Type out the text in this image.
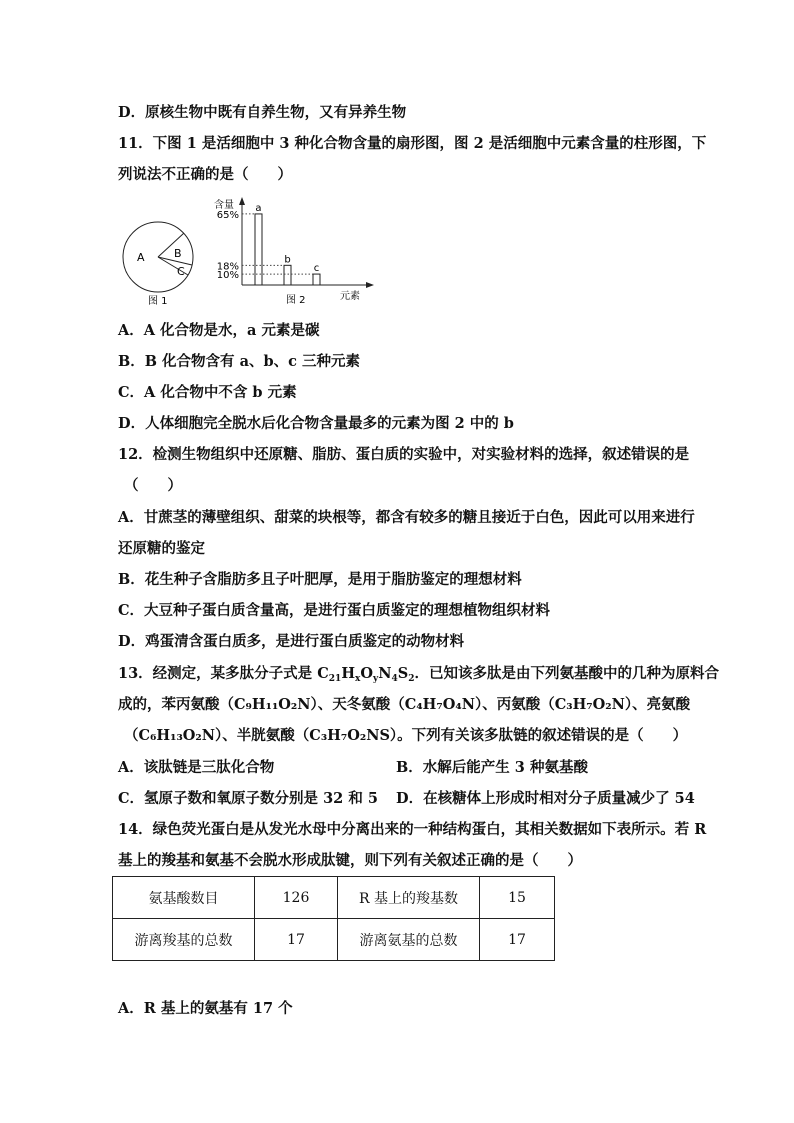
D．原核生物中既有自养生物，又有异养生物
11．下图 1 是活细胞中 3 种化合物含量的扇形图，图 2 是活细胞中元素含量的柱形图，下
列说法不正确的是（　　）
A	B
C
图 1
含量
元素
图 2
65%
a
18%
b
10%
c
A．A 化合物是水，a 元素是碳
B．B 化合物含有 a、b、c 三种元素
C．A 化合物中不含 b 元素
D．人体细胞完全脱水后化合物含量最多的元素为图 2 中的 b
12．检测生物组织中还原糖、脂肪、蛋白质的实验中，对实验材料的选择，叙述错误的是
（　　）
A．甘蔗茎的薄壁组织、甜菜的块根等，都含有较多的糖且接近于白色，因此可以用来进行
还原糖的鉴定
B．花生种子含脂肪多且子叶肥厚，是用于脂肪鉴定的理想材料
C．大豆种子蛋白质含量高，是进行蛋白质鉴定的理想植物组织材料
D．鸡蛋清含蛋白质多，是进行蛋白质鉴定的动物材料
13．经测定，某多肽分子式是 $C_{21}H_xO_yN_4S_2$．已知该多肽是由下列氨基酸中的几种为原料合
成的，苯丙氨酸（C₉H₁₁O₂N）、天冬氨酸（C₄H₇O₄N）、丙氨酸（C₃H₇O₂N）、亮氨酸
（C₆H₁₃O₂N）、半胱氨酸（C₃H₇O₂NS）。下列有关该多肽链的叙述错误的是（　　）
A．该肽链是三肽化合物	B．水解后能产生 3 种氨基酸
C．氢原子数和氧原子数分别是 32 和 5 D．在核糖体上形成时相对分子质量减少了 54
14．绿色荧光蛋白是从发光水母中分离出来的一种结构蛋白，其相关数据如下表所示。若 R
基上的羧基和氨基不会脱水形成肽键，则下列有关叙述正确的是（　　）
氨基酸数目	126	R 基上的羧基数	15
游离羧基的总数	17	游离氨基的总数	17
A．R 基上的氨基有 17 个
